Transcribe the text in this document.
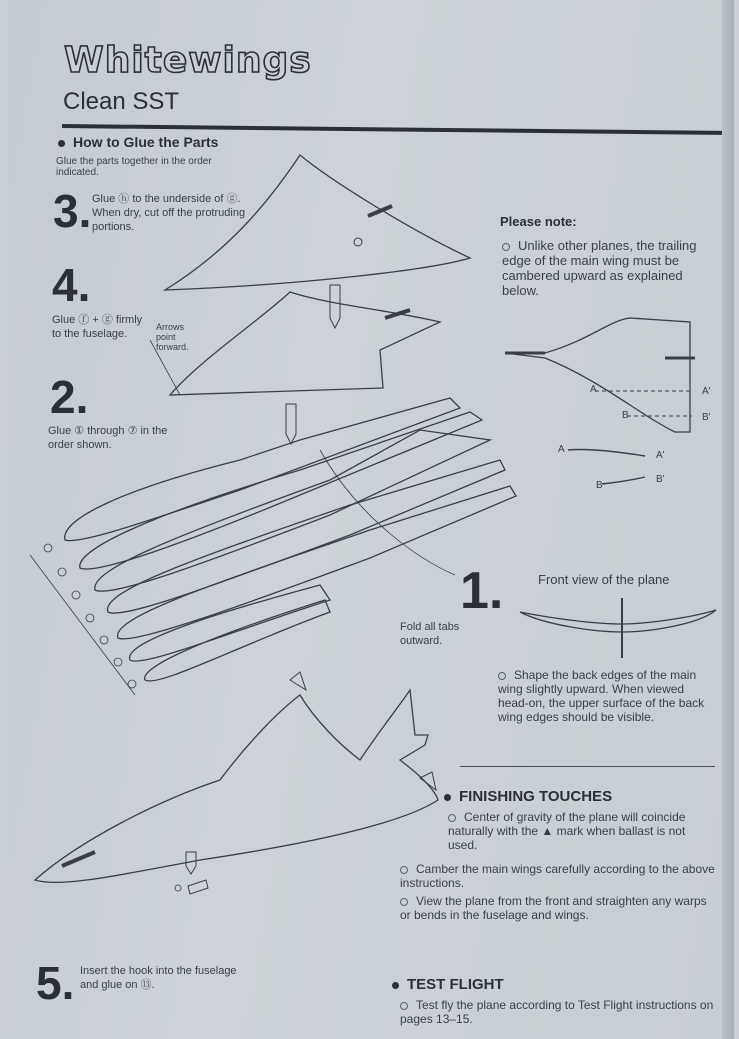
Whitewings
Clean SST
How to Glue the Parts
Glue the parts together in the order indicated.
3. Glue ⓗ to the underside of ⓖ. When dry, cut off the protruding portions.
4.
Glue ⓕ + ⓖ firmly to the fuselage.
Arrows point forward.
2.
Glue ① through ⑦ in the order shown.
1.
Fold all tabs outward.
5. Insert the hook into the fuselage and glue on ⑬.
Please note:
Unlike other planes, the trailing edge of the main wing must be cambered upward as explained below.
A	A'
B	B'
A
A'
B
B'
Front view of the plane
Shape the back edges of the main wing slightly upward. When viewed head-on, the upper surface of the back wing edges should be visible.
FINISHING TOUCHES
Center of gravity of the plane will coincide naturally with the ▲ mark when ballast is not used.
Camber the main wings carefully according to the above instructions.
View the plane from the front and straighten any warps or bends in the fuselage and wings.
TEST FLIGHT
Test fly the plane according to Test Flight instructions on pages 13–15.
